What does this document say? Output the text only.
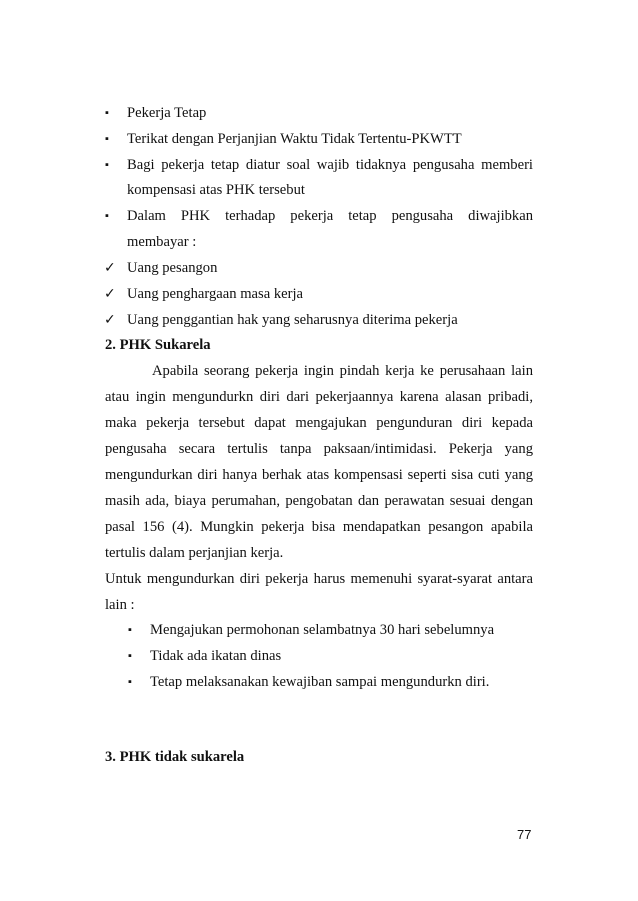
▪	Pekerja Tetap
▪	Terikat dengan Perjanjian Waktu Tidak Tertentu-PKWTT
▪	Bagi pekerja tetap diatur soal wajib tidaknya pengusaha memberi
kompensasi atas PHK tersebut
▪	Dalam PHK terhadap pekerja tetap pengusaha diwajibkan
membayar :
✓ Uang pesangon
✓ Uang penghargaan masa kerja
✓ Uang penggantian hak yang seharusnya diterima pekerja
2. PHK Sukarela
Apabila seorang pekerja ingin pindah kerja ke perusahaan lain
atau ingin mengundurkn diri dari pekerjaannya karena alasan pribadi,
maka pekerja tersebut dapat mengajukan pengunduran diri kepada
pengusaha secara tertulis tanpa paksaan/intimidasi. Pekerja yang
mengundurkan diri hanya berhak atas kompensasi seperti sisa cuti yang
masih ada, biaya perumahan, pengobatan dan perawatan sesuai dengan
pasal 156 (4). Mungkin pekerja bisa mendapatkan pesangon apabila
tertulis dalam perjanjian kerja.
Untuk mengundurkan diri pekerja harus memenuhi syarat-syarat antara
lain :
▪	Mengajukan permohonan selambatnya 30 hari sebelumnya
▪	Tidak ada ikatan dinas
▪	Tetap melaksanakan kewajiban sampai mengundurkn diri.
3. PHK tidak sukarela
77
